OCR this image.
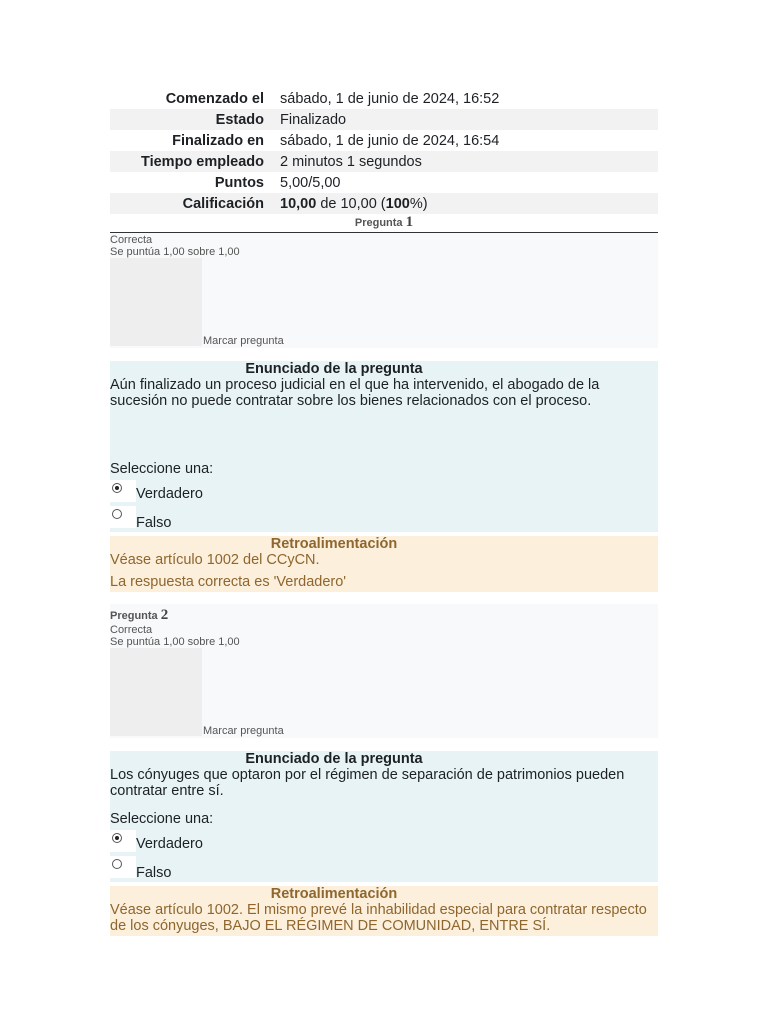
Comenzado el	sábado, 1 de junio de 2024, 16:52
Estado	Finalizado
Finalizado en	sábado, 1 de junio de 2024, 16:54
Tiempo empleado	2 minutos 1 segundos
Puntos	5,00/5,00
Calificación	10,00 de 10,00 (100%)
Pregunta 1
Correcta
Se puntúa 1,00 sobre 1,00
Marcar pregunta
Enunciado de la pregunta
Aún finalizado un proceso judicial en el que ha intervenido, el abogado de la sucesión no puede contratar sobre los bienes relacionados con el proceso.
Seleccione una:
Verdadero
Falso
Retroalimentación
Véase artículo 1002 del CCyCN.
La respuesta correcta es 'Verdadero'
Pregunta 2
Correcta
Se puntúa 1,00 sobre 1,00
Marcar pregunta
Enunciado de la pregunta
Los cónyuges que optaron por el régimen de separación de patrimonios pueden contratar entre sí.
Seleccione una:
Verdadero
Falso
Retroalimentación
Véase artículo 1002. El mismo prevé la inhabilidad especial para contratar respecto de los cónyuges, BAJO EL RÉGIMEN DE COMUNIDAD, ENTRE SÍ.
